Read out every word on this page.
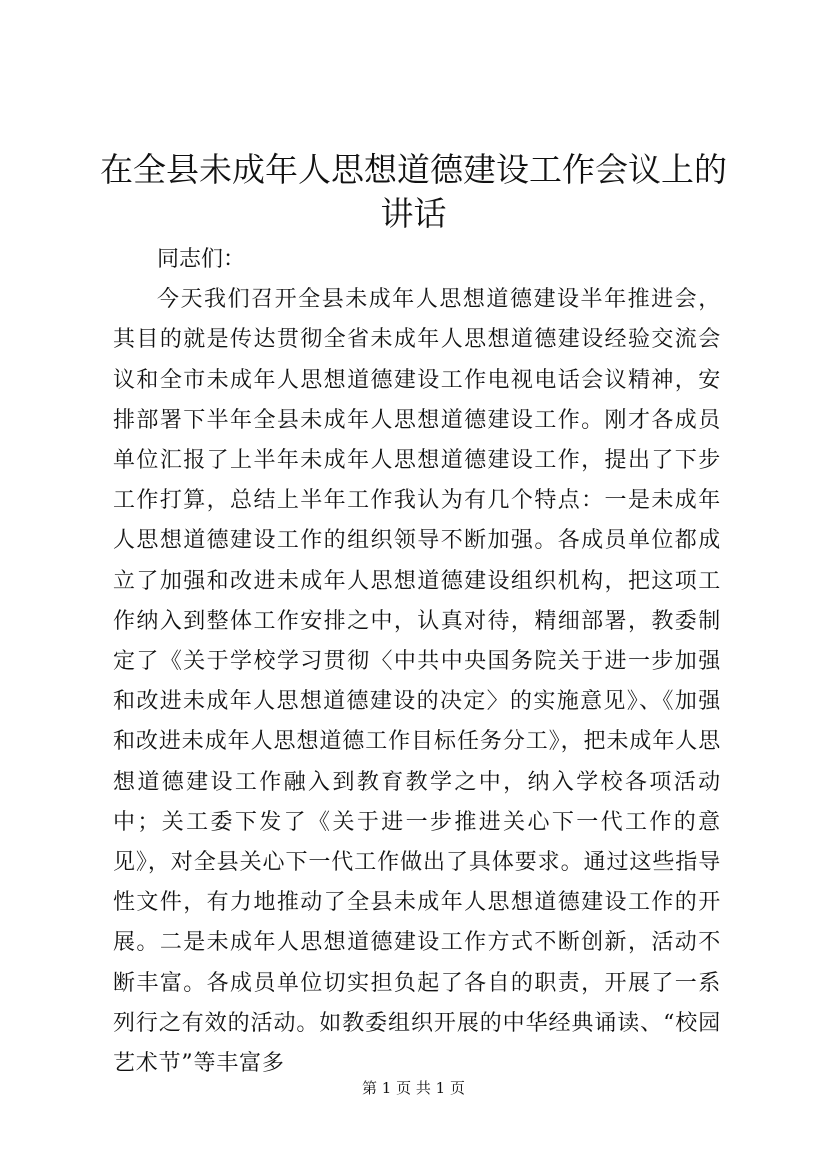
在全县未成年人思想道德建设工作会议上的讲话

同志们：

今天我们召开全县未成年人思想道德建设半年推进会，其目的就是传达贯彻全省未成年人思想道德建设经验交流会议和全市未成年人思想道德建设工作电视电话会议精神，安排部署下半年全县未成年人思想道德建设工作。刚才各成员单位汇报了上半年未成年人思想道德建设工作，提出了下步工作打算，总结上半年工作我认为有几个特点：一是未成年人思想道德建设工作的组织领导不断加强。各成员单位都成立了加强和改进未成年人思想道德建设组织机构，把这项工作纳入到整体工作安排之中，认真对待，精细部署，教委制定了《关于学校学习贯彻〈中共中央国务院关于进一步加强和改进未成年人思想道德建设的决定〉的实施意见》、《加强和改进未成年人思想道德工作目标任务分工》，把未成年人思想道德建设工作融入到教育教学之中，纳入学校各项活动中；关工委下发了《关于进一步推进关心下一代工作的意见》，对全县关心下一代工作做出了具体要求。通过这些指导性文件，有力地推动了全县未成年人思想道德建设工作的开展。二是未成年人思想道德建设工作方式不断创新，活动不断丰富。各成员单位切实担负起了各自的职责，开展了一系列行之有效的活动。如教委组织开展的中华经典诵读、“校园艺术节”等丰富多

第 1 页 共 1 页
